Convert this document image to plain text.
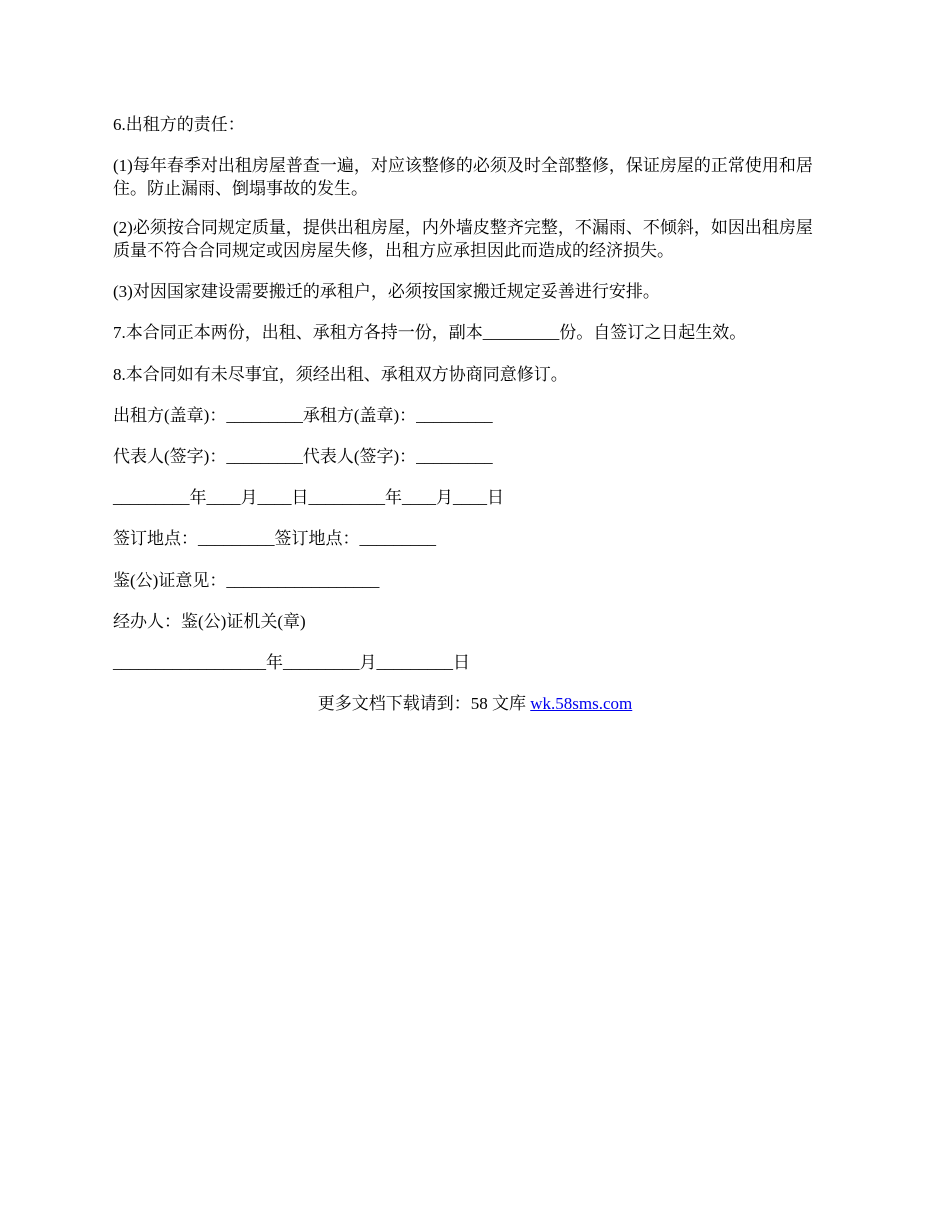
6.出租方的责任：

(1)每年春季对出租房屋普查一遍，对应该整修的必须及时全部整修，保证房屋的正常使用和居住。防止漏雨、倒塌事故的发生。

(2)必须按合同规定质量，提供出租房屋，内外墙皮整齐完整，不漏雨、不倾斜，如因出租房屋质量不符合合同规定或因房屋失修，出租方应承担因此而造成的经济损失。

(3)对因国家建设需要搬迁的承租户，必须按国家搬迁规定妥善进行安排。

7.本合同正本两份，出租、承租方各持一份，副本_________份。自签订之日起生效。

8.本合同如有未尽事宜，须经出租、承租双方协商同意修订。

出租方(盖章)：_________承租方(盖章)：_________

代表人(签字)：_________代表人(签字)：_________

_________年____月____日_________年____月____日

签订地点：_________签订地点：_________

鉴(公)证意见：__________________

经办人：鉴(公)证机关(章)

__________________年_________月_________日

更多文档下载请到：58 文库 wk.58sms.com
